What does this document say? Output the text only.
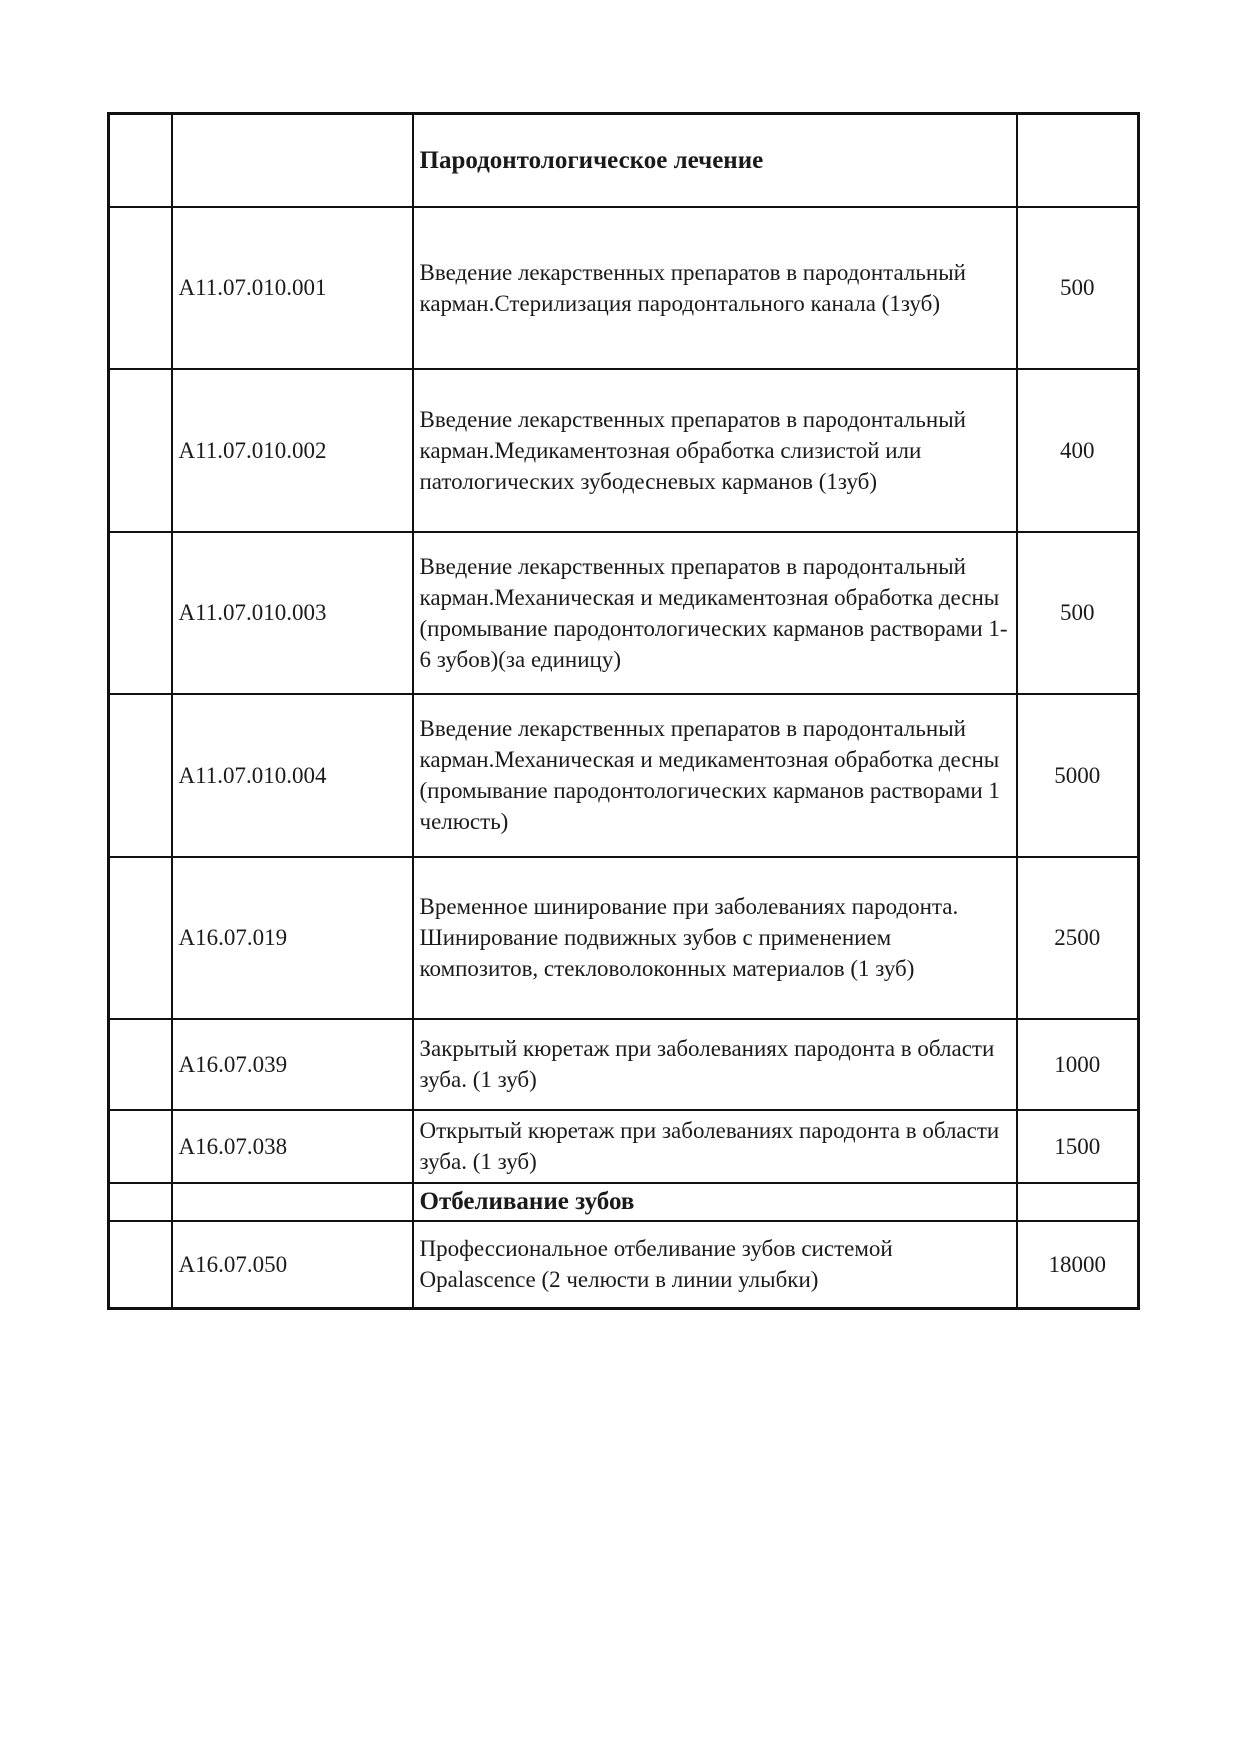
		Пародонтологическое лечение	
	A11.07.010.001	Введение лекарственных препаратов в пародонтальный карман.Стерилизация пародонтального канала (1зуб)	500
	A11.07.010.002	Введение лекарственных препаратов в пародонтальный карман.Медикаментозная обработка слизистой или патологических зубодесневых карманов (1зуб)	400
	A11.07.010.003	Введение лекарственных препаратов в пародонтальный карман.Механическая и медикаментозная обработка десны (промывание пародонтологических карманов растворами 1-6 зубов)(за единицу)	500
	A11.07.010.004	Введение лекарственных препаратов в пародонтальный карман.Механическая и медикаментозная обработка десны (промывание пародонтологических карманов растворами 1 челюсть)	5000
	A16.07.019	Временное шинирование при заболеваниях пародонта. Шинирование подвижных зубов с применением композитов, стекловолоконных материалов (1 зуб)	2500
	A16.07.039	Закрытый кюретаж при заболеваниях пародонта в области зуба. (1 зуб)	1000
	A16.07.038	Открытый кюретаж при заболеваниях пародонта в области зуба. (1 зуб)	1500
		Отбеливание зубов	
	A16.07.050	Профессиональное отбеливание зубов системой Opalascence (2 челюсти в линии улыбки)	18000
